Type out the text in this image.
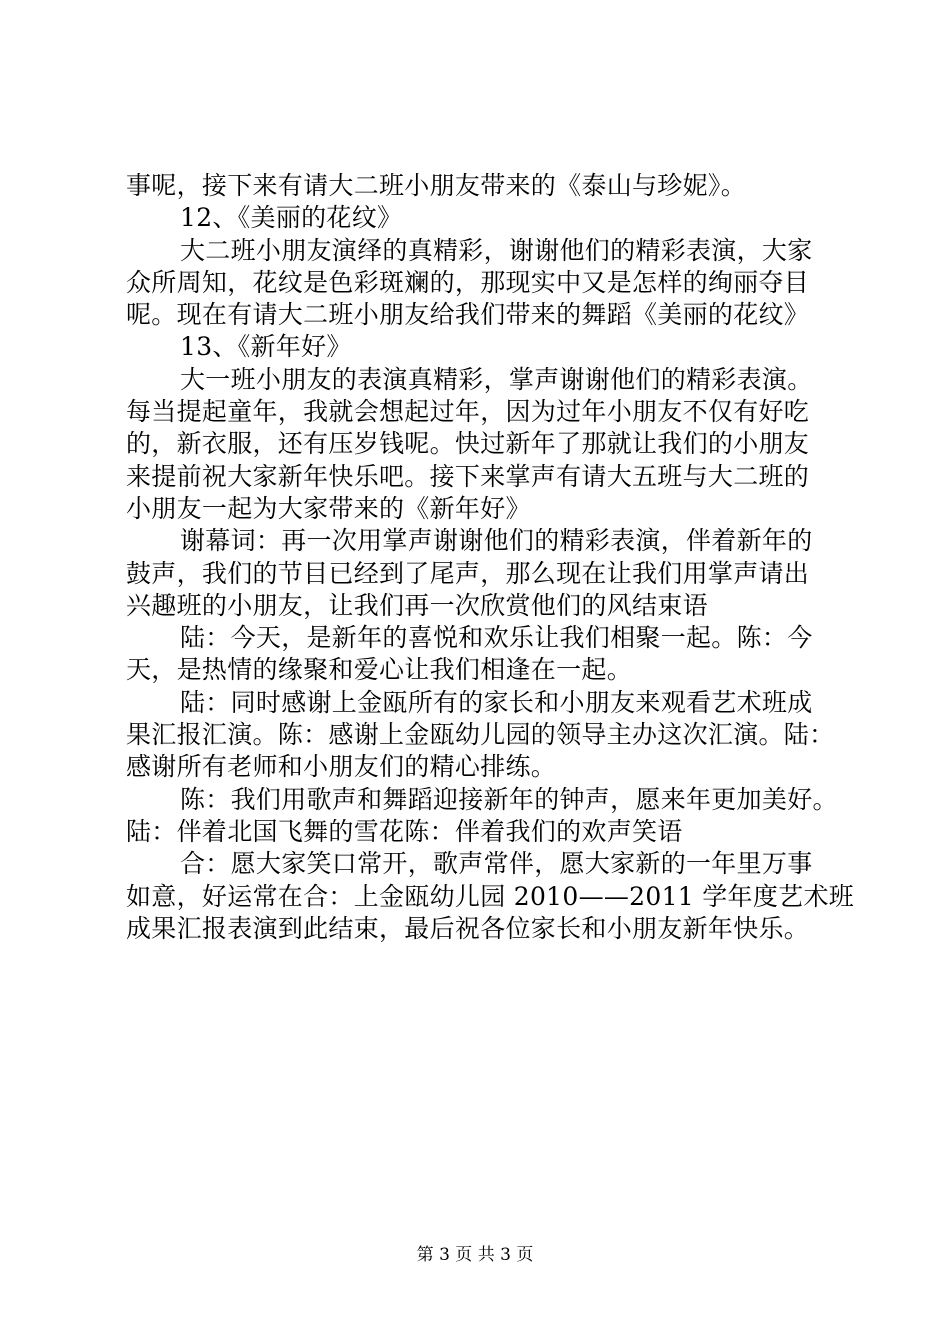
事呢，接下来有请大二班小朋友带来的《泰山与珍妮》。
12、《美丽的花纹》
大二班小朋友演绎的真精彩，谢谢他们的精彩表演，大家
众所周知，花纹是色彩斑斓的，那现实中又是怎样的绚丽夺目
呢。现在有请大二班小朋友给我们带来的舞蹈《美丽的花纹》
13、《新年好》
大一班小朋友的表演真精彩，掌声谢谢他们的精彩表演。
每当提起童年，我就会想起过年，因为过年小朋友不仅有好吃
的，新衣服，还有压岁钱呢。快过新年了那就让我们的小朋友
来提前祝大家新年快乐吧。接下来掌声有请大五班与大二班的
小朋友一起为大家带来的《新年好》
谢幕词：再一次用掌声谢谢他们的精彩表演，伴着新年的
鼓声，我们的节目已经到了尾声，那么现在让我们用掌声请出
兴趣班的小朋友，让我们再一次欣赏他们的风结束语
陆：今天，是新年的喜悦和欢乐让我们相聚一起。陈：今
天，是热情的缘聚和爱心让我们相逢在一起。
陆：同时感谢上金瓯所有的家长和小朋友来观看艺术班成
果汇报汇演。陈：感谢上金瓯幼儿园的领导主办这次汇演。陆：
感谢所有老师和小朋友们的精心排练。
陈：我们用歌声和舞蹈迎接新年的钟声，愿来年更加美好。
陆：伴着北国飞舞的雪花陈：伴着我们的欢声笑语
合：愿大家笑口常开，歌声常伴，愿大家新的一年里万事
如意，好运常在合：上金瓯幼儿园 2010——2011 学年度艺术班
成果汇报表演到此结束，最后祝各位家长和小朋友新年快乐。
第 3 页 共 3 页
